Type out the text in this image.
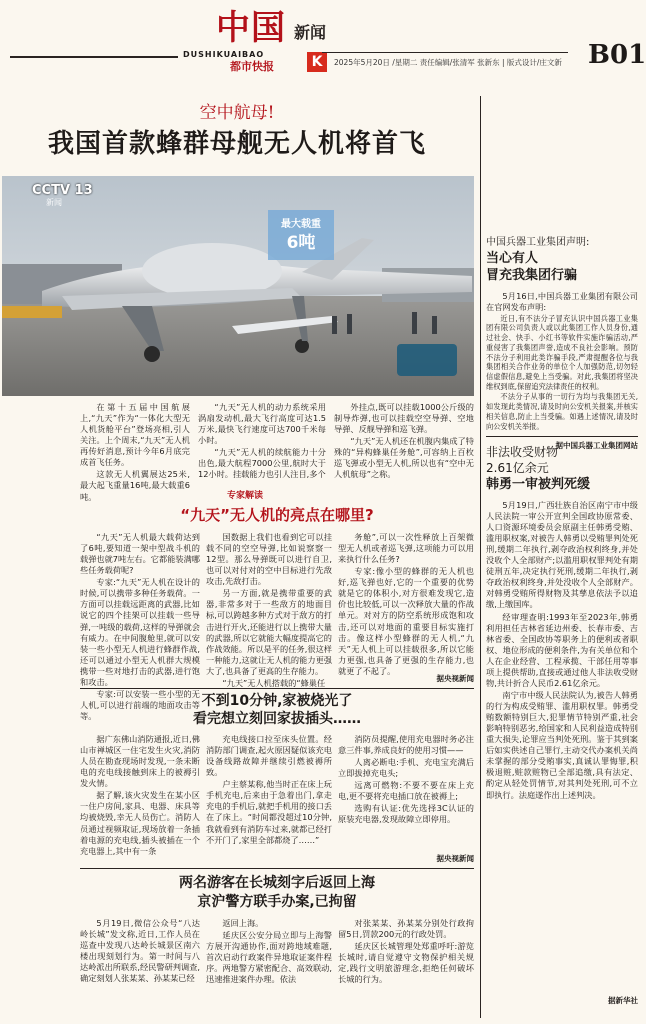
中国 新闻
DUSHIKUAIBAO
都市快报	K	2025年5月20日 /星期二 责任编辑/张清军 张新东 | 版式设计/庄文新 B01
空中航母!
我国首款蜂群母舰无人机将首飞
CCTV 13
新闻
最大载重
6吨

在第十五届中国航展上,“九天”作为“一体化大型无人机货舱平台”登场亮相,引人关注。上个周末,“九天”无人机再传好消息,预计今年6月底完成首飞任务。

这款无人机翼展达25米,最大起飞重量16吨,最大载重6吨。

“九天”无人机的动力系统采用涡扇发动机,最大飞行高度可达1.5万米,最快飞行速度可达700千米每小时。

“九天”无人机的续航能力十分出色,最大航程7000公里,航时大于12小时。挂载能力也引人注目,多个

外挂点,既可以挂载1000公斤级的制导炸弹,也可以挂载空空导弹、空地导弹、反舰导弹和巡飞弹。

“九天”无人机还在机腹内集成了特殊的“异构蜂巢任务舱”,可容纳上百枚巡飞弹或小型无人机,所以也有“空中无人机航母”之称。

专家解读
“九天”无人机的亮点在哪里?

“九天”无人机最大载荷达到了6吨,要知道一架中型战斗机的载弹也就7吨左右。它都能装满哪些任务载荷呢?

专家:“九天”无人机在设计的时候,可以携带多种任务载荷。一方面可以挂载远距离的武器,比如说它的四个挂架可以挂载一些导弹,一吨级的载荷,这样的导弹就会有威力。在中间腹舱里,就可以安装一些小型无人机进行蜂群作战,还可以通过小型无人机群大规模携带一些对地打击的武器,进行饱和攻击。

专家:可以安装一些小型的无人机,可以进行前端的地面攻击等等。

国数据上我们也看到它可以挂载不同的空空导弹,比如说察察一12型。那么导弹既可以进行自卫,也可以对付对的空中目标进行先敌攻击,先敌打击。

另一方面,就是携带重要的武器,非常多对于一些敌方的地面目标,可以跨越多种方式对于敌方的打击进行开火,还能进行以上携带大量的武器,所以它就能大幅度提高它的作战效能。所以是平的任务,很这样一种能力,这就让无人机的能力更强大了,也具备了更高的生存能力。

“九天”无人机搭载的“蜂巢任

务舱”,可以一次性释放上百架微型无人机或者巡飞弹,这项能力可以用来执行什么任务?

专家:像小型的蜂群的无人机也好,巡飞弹也好,它的一个重要的优势就是它的体积小,对方很难发现它,造价也比较低,可以一次释放大量的作战单元。对对方的防空系统形成饱和攻击,还可以对地面的重要目标实施打击。像这样小型蜂群的无人机,“九天”无人机上可以挂载很多,所以它能力更强,也具备了更强的生存能力,也就更了不起了。

据央视新闻
不到10分钟,家被烧光了
看完想立刻回家拔插头……

据广东佛山消防通报,近日,佛山市禅城区一住宅发生火灾,消防人员在勘查现场时发现,一条未断电的充电线接触到床上的被褥引发火情。

据了解,该火灾发生在某小区一住户房间,家具、电器、床具等均被烧毁,幸无人员伤亡。消防人员通过视频取证,现场放着一条插着电源的充电线,插头被插在一个充电器上,其中有一条

充电线接口拉至床头位置。经消防部门调查,起火原因疑似该充电设备线路故障并继续引燃被褥所致。

户主蔡某称,他当时正在床上玩手机充电,后来由于急着出门,拿走充电的手机后,就把手机用的接口丢在了床上。“时间都没超过10分钟,我就看到有消防车过来,就都已经打不开门了,家里全部都烧了……”

消防员提醒,使用充电器时务必注意三件事,养成良好的使用习惯——

人离必断电:手机、充电宝充满后立即拔掉充电头;

远离可燃物:不要不要在床上充电,更不要将充电插口放在被褥上;

选购有认证:优先选择3C认证的原装充电器,发现故障立即停用。

据央视新闻
两名游客在长城刻字后返回上海
京沪警方联手办案,已拘留

5月19日,微信公众号“八达岭长城”发文称,近日,工作人员在巡查中发现八达岭长城景区南六楼出现刻划行为。第一时间与八达岭派出所联系,经民警研判调查,确定刻划人张某某、孙某某已经

返回上海。

延庆区公安分局立即与上海警方展开沟通协作,面对跨地域难题,首次启动行政案件异地取证案件程序。两地警方紧密配合、高效联动,迅速推进案件办理。依法

对张某某、孙某某分别处行政拘留5日,罚款200元的行政处罚。

延庆区长城管理处郑重呼吁:游览长城时,请自觉遵守文物保护相关规定,践行文明旅游理念,拒绝任何破坏长城的行为。

中国兵器工业集团声明:
当心有人
冒充我集团行骗

5月16日,中国兵器工业集团有限公司在官网发布声明:

近日,有不法分子冒充认识中国兵器工业集团有限公司负责人或以此集团工作人员身份,通过社会、快手、小红书等软件实施诈骗活动,严重侵害了我集团声誉,造成不良社会影响。预防不法分子利用此类诈骗手段,严肃提醒各位与我集团相关合作业务的单位个人加强防范,切勿轻信虚假信息,避免上当受骗。对此,我集团将坚决维权到底,保留追究法律责任的权利。

不法分子从事的一切行为均与我集团无关,如发现此类情况,请及时向公安机关报案,并核实相关信息,防止上当受骗。如遇上述情况,请及时向公安机关举报。

据中国兵器工业集团网站
非法收受财物
2.61亿余元
韩勇一审被判死缓

5月19日,广西壮族自治区南宁市中级人民法院一审公开宣判全国政协原常委、人口资源环境委员会原副主任韩勇受贿、滥用职权案,对被告人韩勇以受贿罪判处死刑,缓期二年执行,剥夺政治权利终身,并处没收个人全部财产;以滥用职权罪判处有期徒刑五年,决定执行死刑,缓期二年执行,剥夺政治权利终身,并处没收个人全部财产。对韩勇受贿所得财物及其孳息依法予以追缴,上缴国库。

经审理查明:1993年至2023年,韩勇利用担任吉林省延边州委、长春市委、吉林省委、全国政协等职务上的便利或者职权、地位形成的便利条件,为有关单位和个人在企业经营、工程承揽、干部任用等事项上提供帮助,直接或通过他人非法收受财物,共计折合人民币2.61亿余元。

南宁市中级人民法院认为,被告人韩勇的行为构成受贿罪、滥用职权罪。韩勇受贿数额特别巨大,犯罪情节特别严重,社会影响特别恶劣,给国家和人民利益造成特别重大损失,论罪应当判处死刑。鉴于其到案后如实供述自己罪行,主动交代办案机关尚未掌握的部分受贿事实,真诚认罪悔罪,积极退赃,赃款赃物已全部追缴,具有法定、酌定从轻处罚情节,对其判处死刑,可不立即执行。法庭遂作出上述判决。

据新华社
